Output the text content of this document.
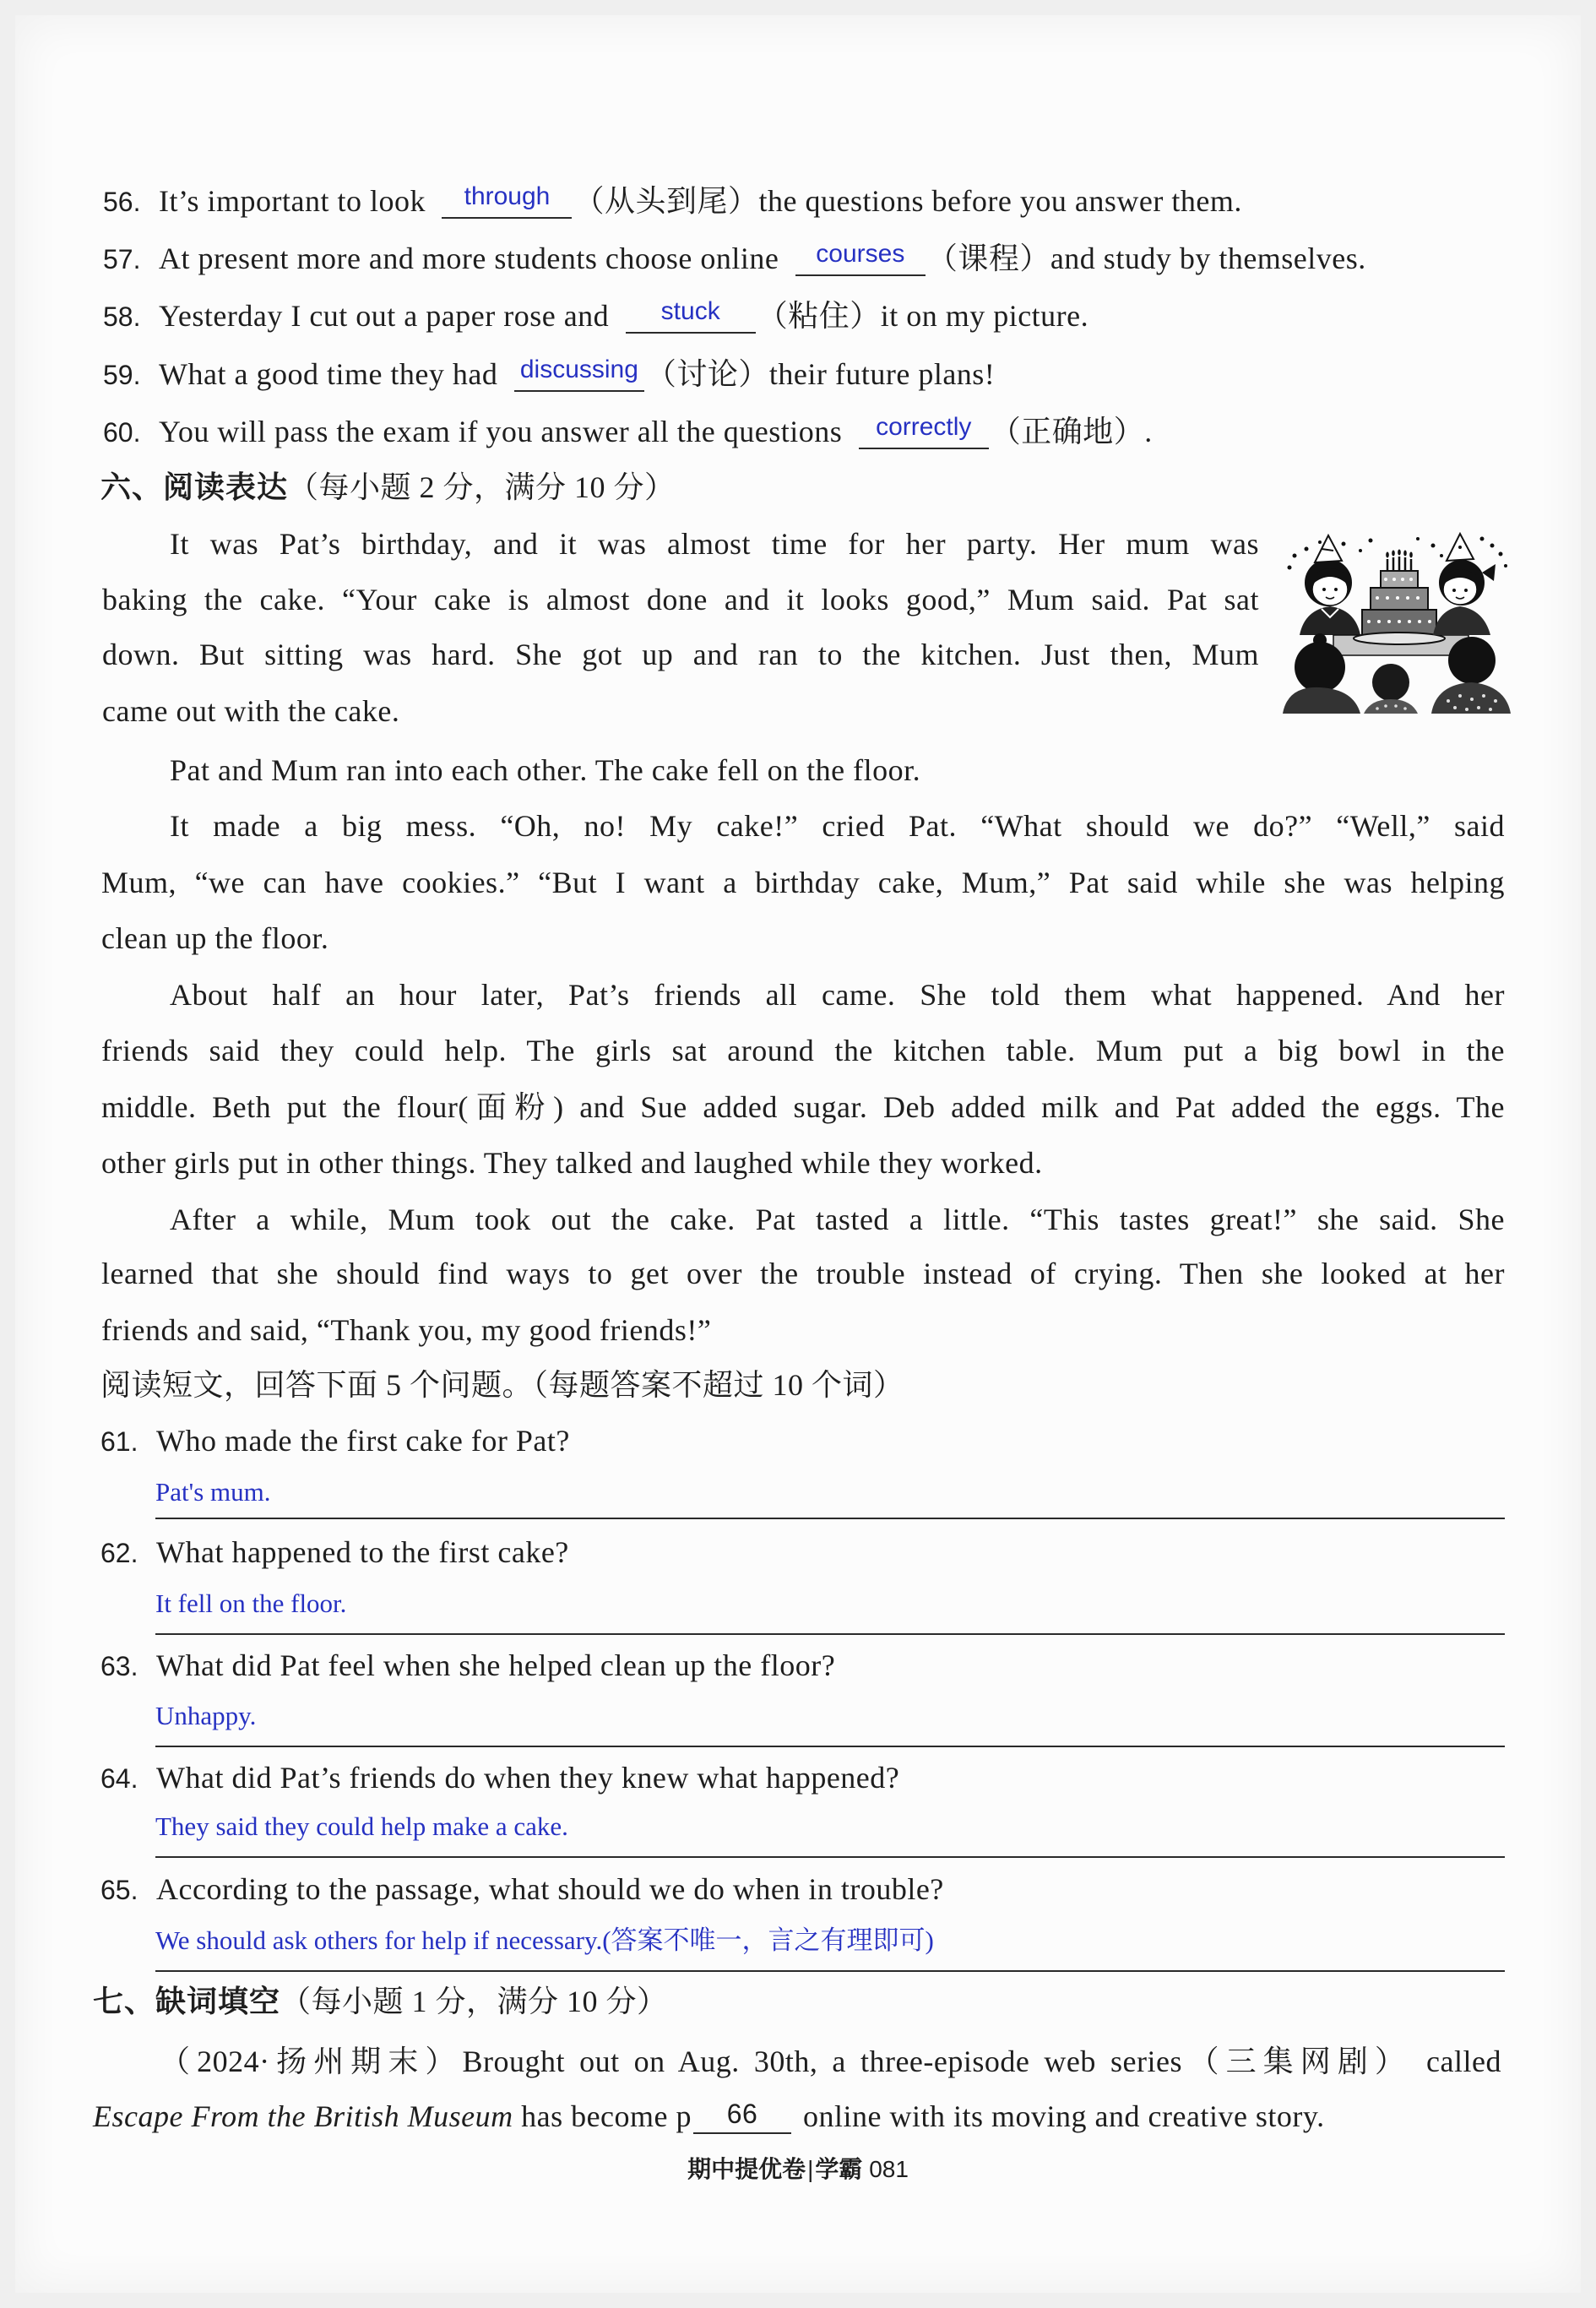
56. It’s important to look	through （从头到尾）the questions before you answer them.
57. At present more and more students choose online	courses （课程）and study by themselves.
58. Yesterday I cut out a paper rose and	stuck	（粘住）it on my picture.
59. What a good time they had discussing （讨论）their future plans!
60. You will pass the exam if you answer all the questions	correctly （正确地）.
六、阅读表达（每小题 2 分，满分 10 分）
It was Pat’s birthday, and it was almost time for her party. Her mum was
baking the cake. “Your cake is almost done and it looks good,” Mum said. Pat sat
down. But sitting was hard. She got up and ran to the kitchen. Just then, Mum
came out with the cake.
Pat and Mum ran into each other. The cake fell on the floor.
It made a big mess. “Oh, no! My cake!” cried Pat. “What should we do?” “Well,” said
Mum, “we can have cookies.” “But I want a birthday cake, Mum,” Pat said while she was helping
clean up the floor.
About half an hour later, Pat’s friends all came. She told them what happened. And her
friends said they could help. The girls sat around the kitchen table. Mum put a big bowl in the
middle. Beth put the flour(面粉) and Sue added sugar. Deb added milk and Pat added the eggs. The
other girls put in other things. They talked and laughed while they worked.
After a while, Mum took out the cake. Pat tasted a little. “This tastes great!” she said. She
learned that she should find ways to get over the trouble instead of crying. Then she looked at her
friends and said, “Thank you, my good friends!”
阅读短文，回答下面 5 个问题。（每题答案不超过 10 个词）
61. Who made the first cake for Pat?
Pat's mum.
62. What happened to the first cake?
It fell on the floor.
63. What did Pat feel when she helped clean up the floor?
Unhappy.
64. What did Pat’s friends do when they knew what happened?
They said they could help make a cake.
65. According to the passage, what should we do when in trouble?
We should ask others for help if necessary.(答案不唯一，言之有理即可)
七、缺词填空（每小题 1 分，满分 10 分）
（2024·扬州期末）Brought out on Aug. 30th, a three-episode web series（三集网剧） called
Escape From the British Museum has become p	66	online with its moving and creative story.
期中提优卷|学霸 081
